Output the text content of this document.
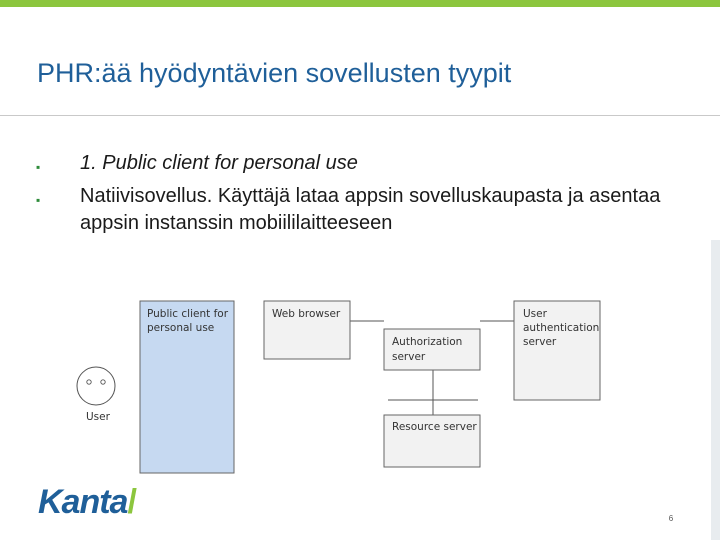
PHR:ää hyödyntävien sovellusten tyypit
▪ 1. Public client for personal use
▪ Natiivisovellus. Käyttäjä lataa appsin sovelluskaupasta ja asentaa appsin instanssin mobiililaitteeseen
Public client for
personal use
Web browser
Authorization
server
User
authentication
server
Resource server
User
Kanta/	6
